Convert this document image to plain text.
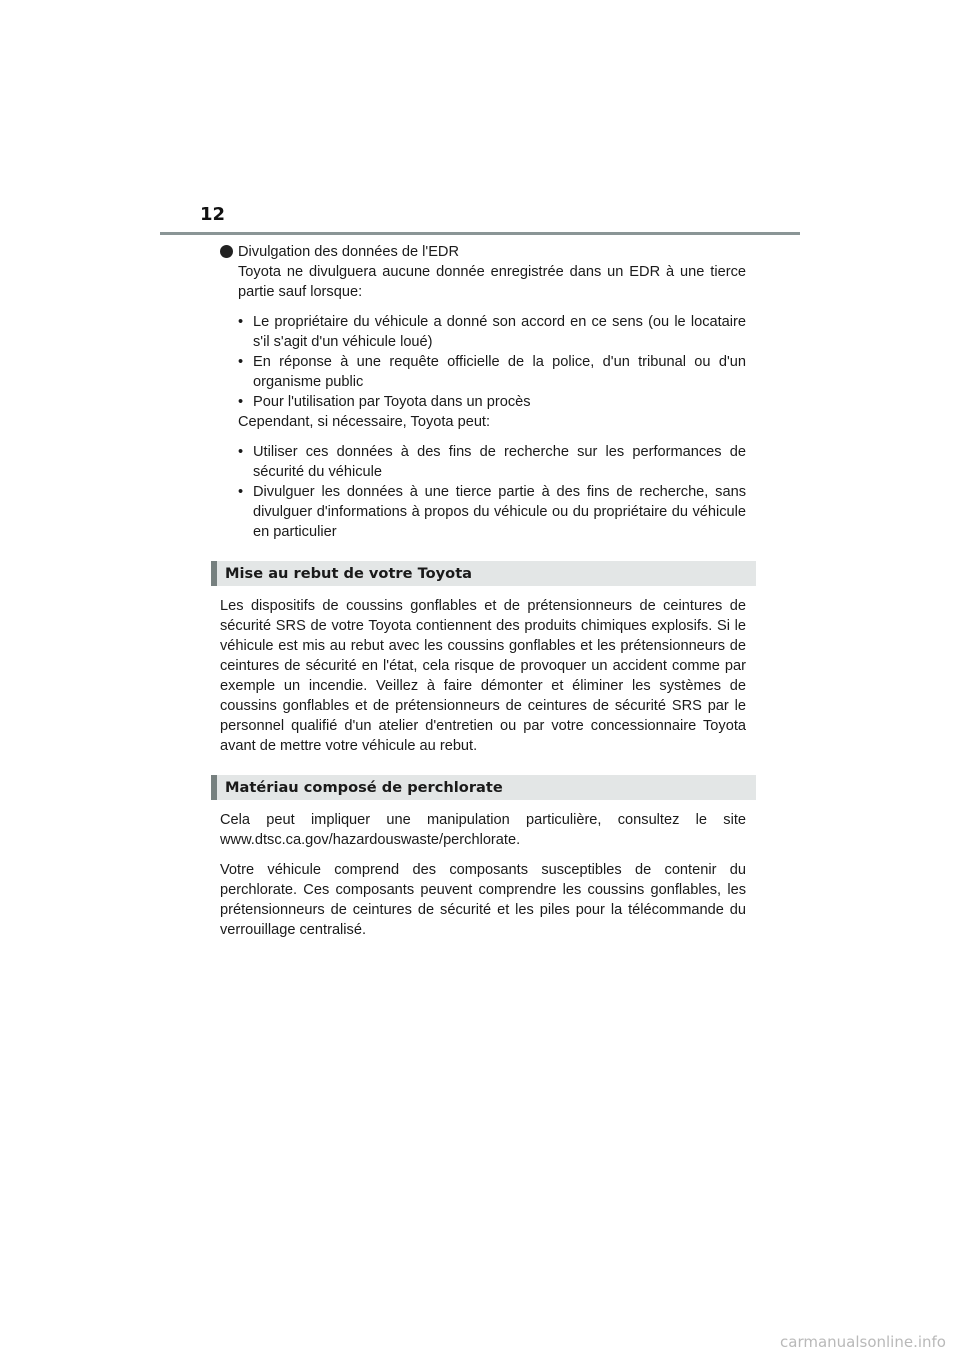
12
Divulgation des données de l'EDR
Toyota ne divulguera aucune donnée enregistrée dans un EDR à une tierce partie sauf lorsque:
• Le propriétaire du véhicule a donné son accord en ce sens (ou le locataire s'il s'agit d'un véhicule loué)
• En réponse à une requête officielle de la police, d'un tribunal ou d'un organisme public
• Pour l'utilisation par Toyota dans un procès
Cependant, si nécessaire, Toyota peut:
• Utiliser ces données à des fins de recherche sur les performances de sécurité du véhicule
• Divulguer les données à une tierce partie à des fins de recherche, sans divulguer d'informations à propos du véhicule ou du propriétaire du véhicule en particulier
Mise au rebut de votre Toyota
Les dispositifs de coussins gonflables et de prétensionneurs de ceintures de sécurité SRS de votre Toyota contiennent des produits chimiques explosifs. Si le véhicule est mis au rebut avec les coussins gonflables et les prétensionneurs de ceintures de sécurité en l'état, cela risque de provoquer un accident comme par exemple un incendie. Veillez à faire démonter et éliminer les systèmes de coussins gonflables et de prétensionneurs de ceintures de sécurité SRS par le personnel qualifié d'un atelier d'entretien ou par votre concessionnaire Toyota avant de mettre votre véhicule au rebut.
Matériau composé de perchlorate
Cela peut impliquer une manipulation particulière, consultez le site www.dtsc.ca.gov/hazardouswaste/perchlorate.
Votre véhicule comprend des composants susceptibles de contenir du perchlorate. Ces composants peuvent comprendre les coussins gonflables, les prétensionneurs de ceintures de sécurité et les piles pour la télécommande du verrouillage centralisé.
carmanualsonline.info
